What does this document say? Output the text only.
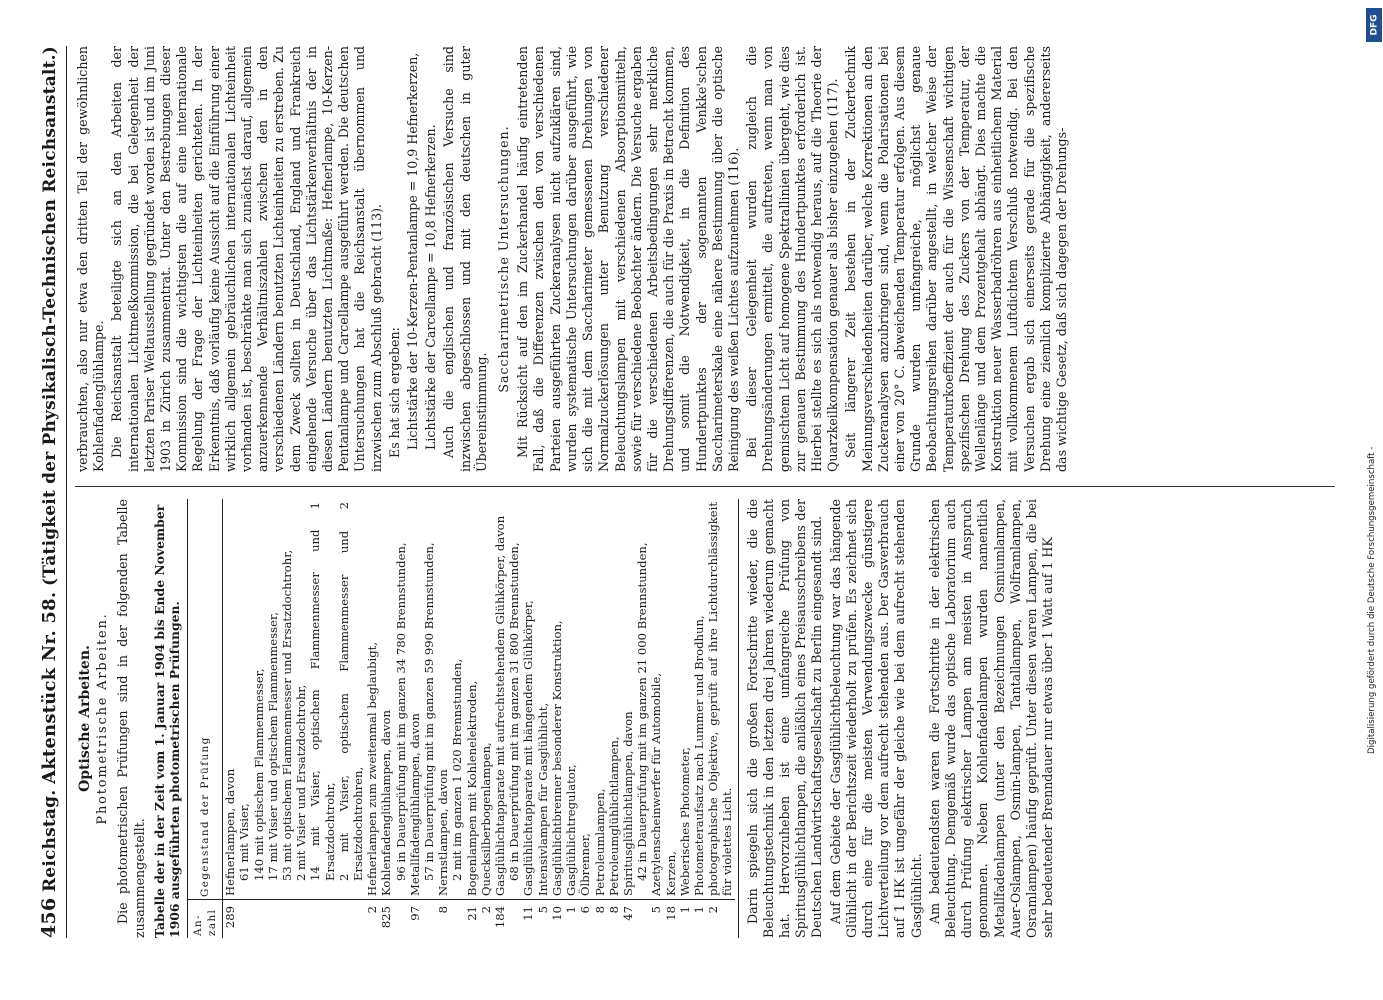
456
Reichstag.
Aktenstück Nr. 58.
(Tätigkeit der Physikalisch-Technischen Reichsanstalt.)
Optische Arbeiten. Photometrische Arbeiten. Die photometrischen Prüfungen sind in der folgenden Tabelle zusammengestellt. Tabelle der in der Zeit vom 1. Januar 1904 bis Ende November 1906 ausgeführten photometrischen Prüfungen. An-zahl	Gegenstand der Prüfung
289	Hefnerlampen, davon
	61 mit Visier,
	140 mit optischem Flammenmesser,
	17 mit Visier und optischem Flammenmesser,
	53 mit optischem Flammenmesser und Ersatzdochtrohr,
	2 mit Visier und Ersatzdochtrohr,
	14 mit Visier, optischem Flammenmesser und 1 Ersatzdochtrohr,
	2 mit Visier, optischem Flammenmesser und 2 Ersatzdochtrohren,
2	Hefnerlampen zum zweitenmal beglaubigt,
825	Kohlenfadenglühlampen, davon
	96 in Dauerprüfung mit im ganzen 34 780 Brennstunden,
97	Metallfadenglühlampen, davon
	57 in Dauerprüfung mit im ganzen 59 990 Brennstunden,
8	Nernstlampen, davon
	2 mit im ganzen 1 020 Brennstunden,
21	Bogenlampen mit Kohlenelektroden,
2	Quecksilberbogenlampen,
184	Gasglühlichtapparate mit aufrechtstehendem Glühkörper, davon
	68 in Dauerprüfung mit im ganzen 31 800 Brennstunden,
11	Gasglühlichtapparate mit hängendem Glühkörper,
5	Intensivlampen für Gasglühlicht,
10	Gasglühlichtbrenner besonderer Konstruktion,
1	Gasglühlichtregulator,
6	Ölbrenner,
8	Petroleumlampen,
8	Petroleumglühlichtlampen,
47	Spiritusglühlichtlampen, davon
	42 in Dauerprüfung mit im ganzen 21 000 Brennstunden,
5	Azetylenscheinwerfer für Automobile,
18	Kerzen,
1	Weberisches Photometer,
1	Photometeraufsatz nach Lummer und Brodhun,
2	photographische Objektive, geprüft auf ihre Lichtdurchlässigkeit für violettes Licht.
	Darin spiegeln sich die großen Fortschritte wieder, die die Beleuchtungstechnik in den letzten drei Jahren wiederum gemacht hat. Hervorzuheben ist eine umfangreiche Prüfung von Spiritusglühlichtlampen, die anläßlich eines Preisausschreibens der Deutschen Landwirtschaftsgesellschaft zu Berlin eingesandt sind. Auf dem Gebiete der Gasglühlichtbeleuchtung war das hängende Glühlicht in der Berichtszeit wiederholt zu prüfen. Es zeichnet sich durch eine für die meisten Verwendungszwecke günstigere Lichtverteilung vor dem aufrecht stehenden aus. Der Gasverbrauch auf 1 HK ist ungefähr der gleiche wie bei dem aufrecht stehenden Gasglühlicht. Am bedeutendsten waren die Fortschritte in der elektrischen Beleuchtung. Demgemäß wurde das optische Laboratorium auch durch Prüfung elektrischer Lampen am meisten in Anspruch genommen. Neben Kohlenfadenlampen wurden namentlich Metallfadenlampen (unter den Bezeichnungen Osmiumlampen, Auer-Oslampen, Osmin-lampen, Tantallampen, Wolframlampen, Osramlampen) häufig geprüft. Unter diesen waren Lampen, die bei sehr bedeutender Brenndauer nur etwas über 1 Watt auf 1 HK

verbrauchten, also nur etwa den dritten Teil der gewöhnlichen Kohlenfadenglühlampe. Die Reichsanstalt beteiligte sich an den Arbeiten der internationalen Lichtmeßkommission, die bei Gelegenheit der letzten Pariser Weltausstellung gegründet worden ist und im Juni 1903 in Zürich zusammentrat. Unter den Bestrebungen dieser Kommission sind die wichtigsten die auf eine internationale Regelung der Frage der Lichteinheiten gerichteten. In der Erkenntnis, daß vorläufig keine Aussicht auf die Einführung einer wirklich allgemein gebräuchlichen internationalen Lichteinheit vorhanden ist, beschränkte man sich zunächst darauf, allgemein anzuerkennende Verhältniszahlen zwischen den in den verschiedenen Ländern benutzten Lichteinheiten zu erstreben. Zu dem Zweck sollten in Deutschland, England und Frankreich eingehende Versuche über das Lichtstärkenverhältnis der in diesen Ländern benutzten Lichtmaße: Hefnerlampe, 10-Kerzen-Pentanlampe und Carcellampe ausgeführt werden. Die deutschen Untersuchungen hat die Reichsanstalt übernommen und inzwischen zum Abschluß gebracht (113). Es hat sich ergeben: Lichtstärke der 10-Kerzen-Pentanlampe = 10,9 Hefnerkerzen, Lichtstärke der Carcellampe = 10,8 Hefnerkerzen. Auch die englischen und französischen Versuche sind inzwischen abgeschlossen und mit den deutschen in guter Übereinstimmung.

Saccharimetrische Untersuchungen. Mit Rücksicht auf den im Zuckerhandel häufig eintretenden Fall, daß die Differenzen zwischen den von verschiedenen Parteien ausgeführten Zuckeranalysen nicht aufzuklären sind, wurden systematische Untersuchungen darüber ausgeführt, wie sich die mit dem Saccharimeter gemessenen Drehungen von Normalzuckerlösungen unter Benutzung verschiedener Beleuchtungslampen mit verschiedenen Absorptionsmitteln, sowie für verschiedene Beobachter ändern. Die Versuche ergaben für die verschiedenen Arbeitsbedingungen sehr merkliche Drehungsdifferenzen, die auch für die Praxis in Betracht kommen, und somit die Notwendigkeit, in die Definition des Hundertpunktes der sogenannten Venkke'schen Saccharimeterskale eine nähere Bestimmung über die optische Reinigung des weißen Lichtes aufzunehmen (116). Bei dieser Gelegenheit wurden zugleich die Drehungsänderungen ermittelt, die auftreten, wenn man von gemischtem Licht auf homogene Spektrallinien übergeht, wie dies zur genauen Bestimmung des Hundertpunktes erforderlich ist. Hierbei stellte es sich als notwendig heraus, auf die Theorie der Quarzkeilkompensation genauer als bisher einzugehen (117). Seit längerer Zeit bestehen in der Zuckertechnik Meinungsverschiedenheiten darüber, welche Korrektionen an den Zuckeranalysen anzubringen sind, wenn die Polarisationen bei einer von 20° C. abweichenden Temperatur erfolgen. Aus diesem Grunde wurden umfangreiche, möglichst genaue Beobachtungsreihen darüber angestellt, in welcher Weise der Temperaturkoeffizient der auch für die Wissenschaft wichtigen spezifischen Drehung des Zuckers von der Temperatur, der Wellenlänge und dem Prozentgehalt abhängt. Dies machte die Konstruktion neuer Wasserbadröhren aus einheitlichem Material mit vollkommenem Luftdichtem Verschluß notwendig. Bei den Versuchen ergab sich einerseits gerade für die spezifische Drehung eine ziemlich komplizierte Abhängigkeit, andererseits das wichtige Gesetz, daß sich dagegen der Drehungs-

Digitalisierung gefördert durch die Deutsche Forschungsgemeinschaft -
DFG
